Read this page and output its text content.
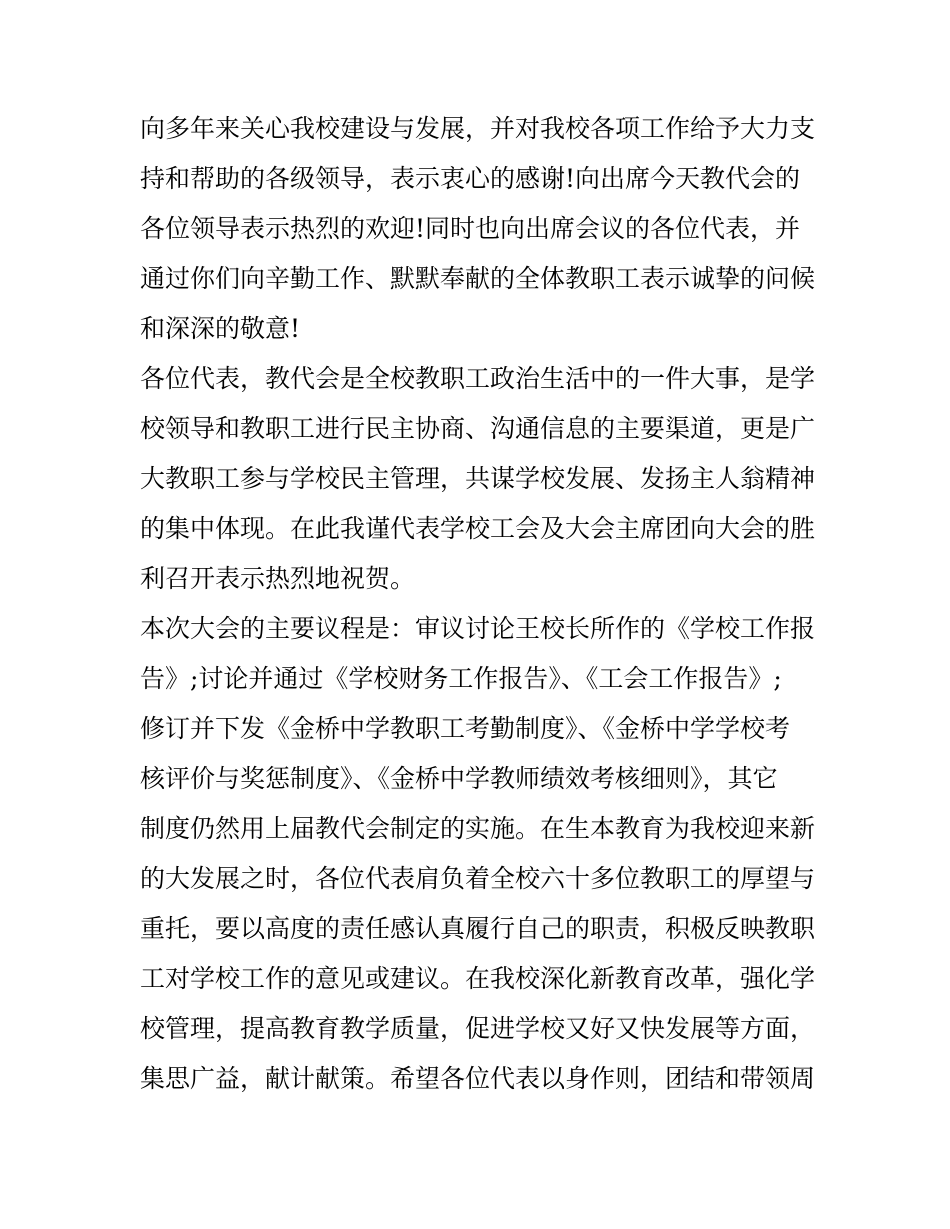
向多年来关心我校建设与发展，并对我校各项工作给予大力支
持和帮助的各级领导，表示衷心的感谢!向出席今天教代会的
各位领导表示热烈的欢迎!同时也向出席会议的各位代表，并
通过你们向辛勤工作、默默奉献的全体教职工表示诚挚的问候
和深深的敬意!
各位代表，教代会是全校教职工政治生活中的一件大事，是学
校领导和教职工进行民主协商、沟通信息的主要渠道，更是广
大教职工参与学校民主管理，共谋学校发展、发扬主人翁精神
的集中体现。在此我谨代表学校工会及大会主席团向大会的胜
利召开表示热烈地祝贺。
本次大会的主要议程是：审议讨论王校长所作的《学校工作报
告》;讨论并通过《学校财务工作报告》、《工会工作报告》;
修订并下发《金桥中学教职工考勤制度》、《金桥中学学校考
核评价与奖惩制度》、《金桥中学教师绩效考核细则》，其它
制度仍然用上届教代会制定的实施。在生本教育为我校迎来新
的大发展之时，各位代表肩负着全校六十多位教职工的厚望与
重托，要以高度的责任感认真履行自己的职责，积极反映教职
工对学校工作的意见或建议。在我校深化新教育改革，强化学
校管理，提高教育教学质量，促进学校又好又快发展等方面，
集思广益，献计献策。希望各位代表以身作则，团结和带领周
